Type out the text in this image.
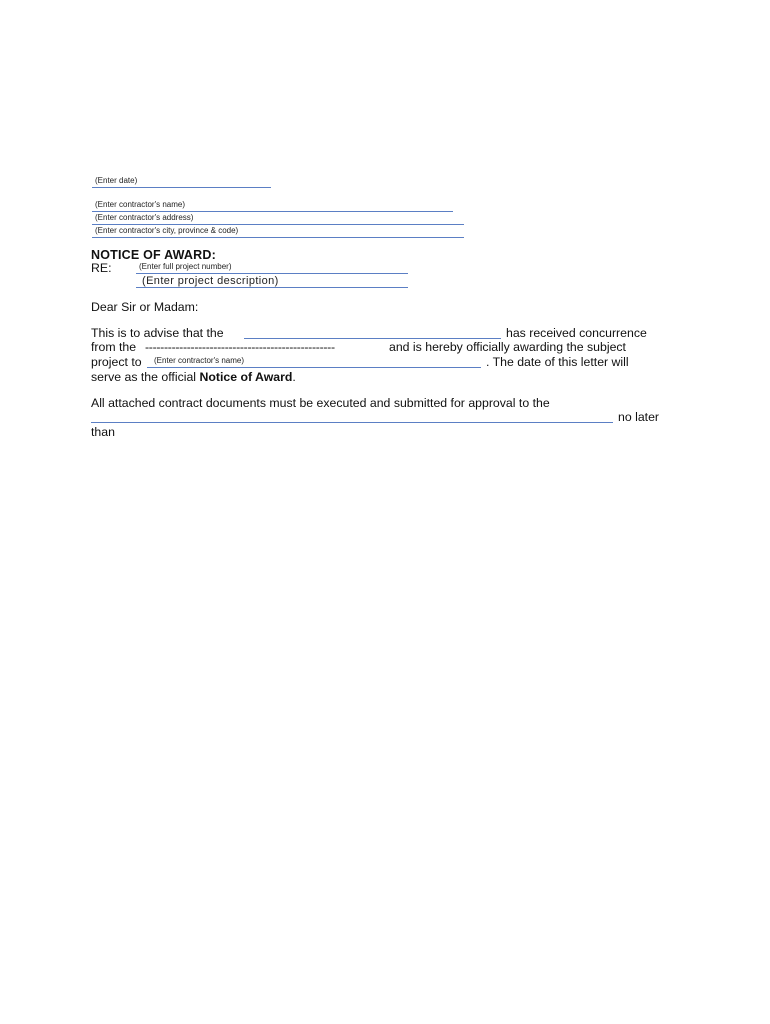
(Enter date)
(Enter contractor's name)
(Enter contractor's address)
(Enter contractor's city, province & code)
NOTICE OF AWARD:
RE:	(Enter full project number)
(Enter project description)
Dear Sir or Madam:
This is to advise that the	has received concurrence
from the --------------------------------------------------	and is hereby officially awarding the subject
project to (Enter contractor's name)	. The date of this letter will
serve as the official Notice of Award.
All attached contract documents must be executed and submitted for approval to the
no later
than
